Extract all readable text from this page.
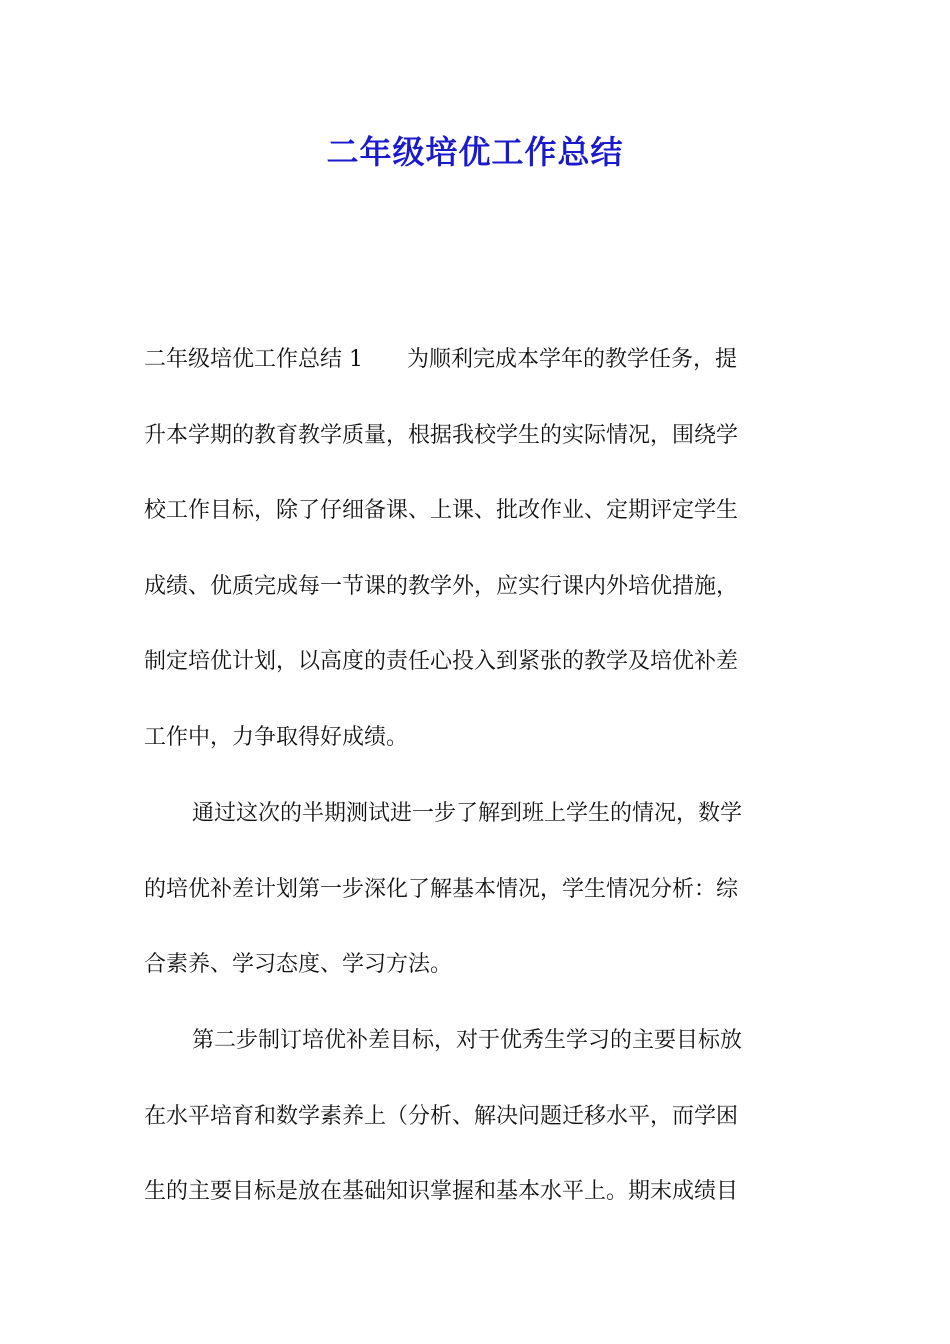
二年级培优工作总结
二年级培优工作总结 1　　为顺利完成本学年的教学任务，提
升本学期的教育教学质量，根据我校学生的实际情况，围绕学
校工作目标，除了仔细备课、上课、批改作业、定期评定学生
成绩、优质完成每一节课的教学外，应实行课内外培优措施，
制定培优计划，以高度的责任心投入到紧张的教学及培优补差
工作中，力争取得好成绩。
通过这次的半期测试进一步了解到班上学生的情况，数学
的培优补差计划第一步深化了解基本情况，学生情况分析：综
合素养、学习态度、学习方法。
第二步制订培优补差目标，对于优秀生学习的主要目标放
在水平培育和数学素养上（分析、解决问题迁移水平，而学困
生的主要目标是放在基础知识掌握和基本水平上。期末成绩目
